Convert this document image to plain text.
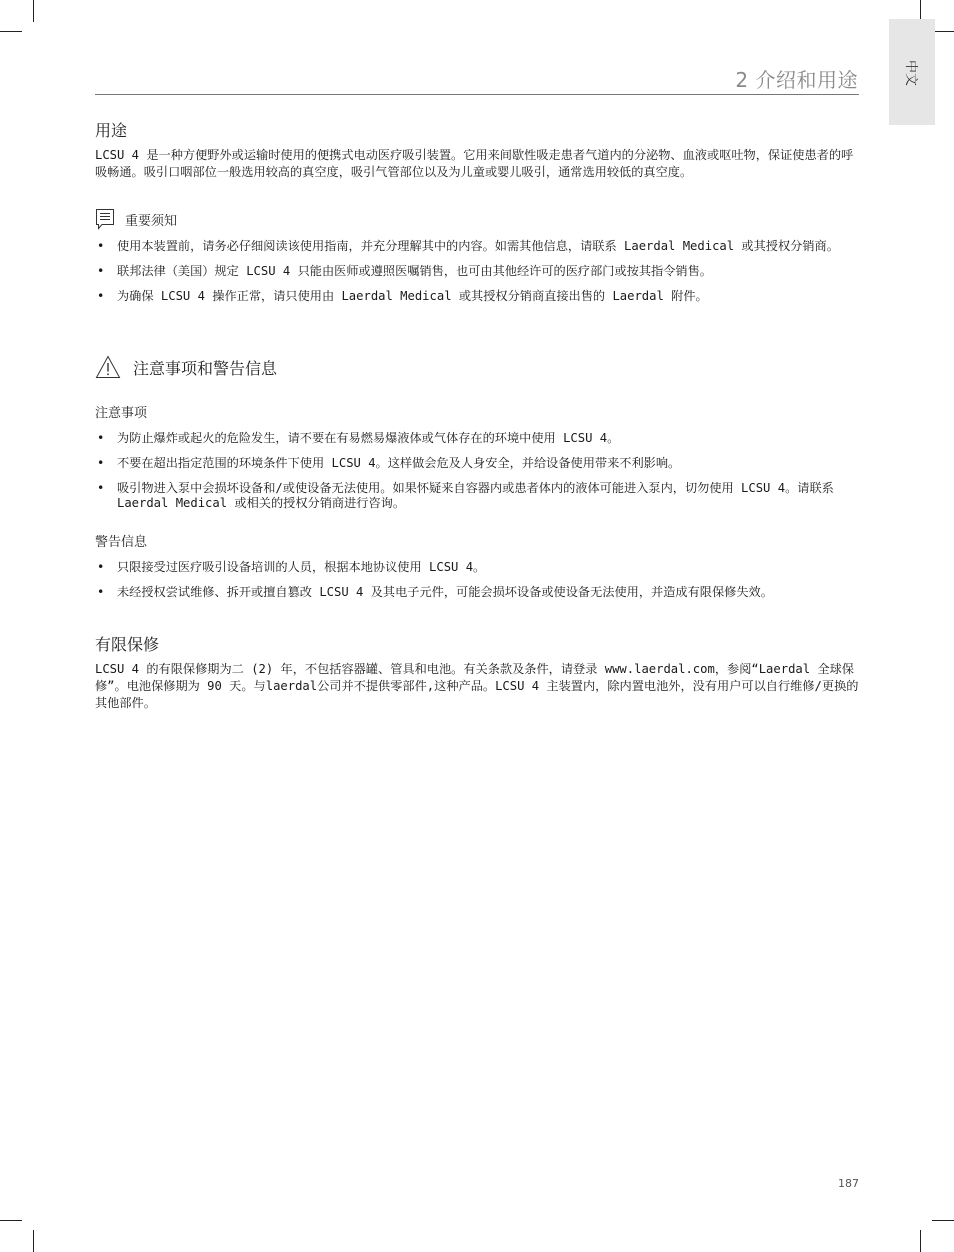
中文
2 介绍和用途
用途

LCSU 4 是一种方便野外或运输时使用的便携式电动医疗吸引装置。它用来间歇性吸走患者气道内的分泌物、血液或呕吐物，保证使患者的呼吸畅通。吸引口咽部位一般选用较高的真空度，吸引气管部位以及为儿童或婴儿吸引，通常选用较低的真空度。

重要须知
• 使用本装置前，请务必仔细阅读该使用指南，并充分理解其中的内容。如需其他信息，请联系 Laerdal Medical 或其授权分销商。
• 联邦法律（美国）规定 LCSU 4 只能由医师或遵照医嘱销售，也可由其他经许可的医疗部门或按其指令销售。
• 为确保 LCSU 4 操作正常，请只使用由 Laerdal Medical 或其授权分销商直接出售的 Laerdal 附件。
注意事项和警告信息
注意事项
• 为防止爆炸或起火的危险发生，请不要在有易燃易爆液体或气体存在的环境中使用 LCSU 4。
• 不要在超出指定范围的环境条件下使用 LCSU 4。这样做会危及人身安全，并给设备使用带来不利影响。
• 吸引物进入泵中会损坏设备和/或使设备无法使用。如果怀疑来自容器内或患者体内的液体可能进入泵内，切勿使用 LCSU 4。请联系 Laerdal Medical 或相关的授权分销商进行咨询。
警告信息
• 只限接受过医疗吸引设备培训的人员，根据本地协议使用 LCSU 4。
• 未经授权尝试维修、拆开或擅自篡改 LCSU 4 及其电子元件，可能会损坏设备或使设备无法使用，并造成有限保修失效。
有限保修

LCSU 4 的有限保修期为二 (2) 年，不包括容器罐、管具和电池。有关条款及条件，请登录 www.laerdal.com，参阅“Laerdal 全球保修”。电池保修期为 90 天。与laerdal公司并不提供零部件,这种产品。LCSU 4 主装置内，除内置电池外，没有用户可以自行维修/更换的其他部件。

187
